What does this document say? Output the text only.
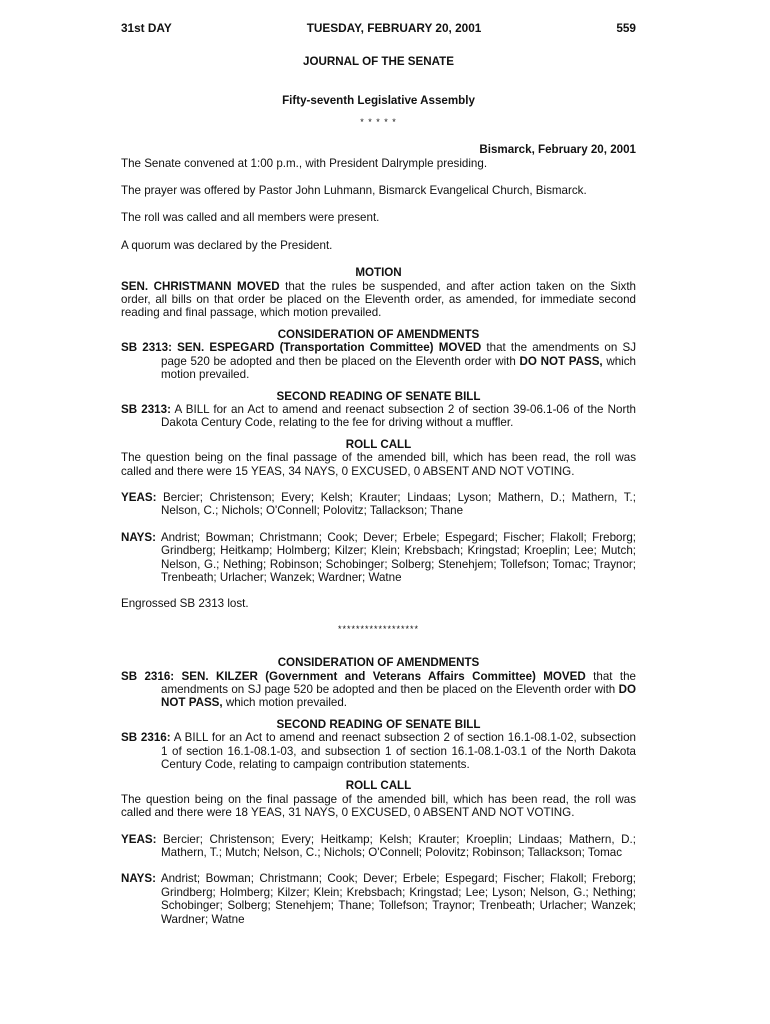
31st DAY	TUESDAY, FEBRUARY 20, 2001	559

JOURNAL OF THE SENATE

Fifty-seventh Legislative Assembly

* * * * *

Bismarck, February 20, 2001

The Senate convened at 1:00 p.m., with President Dalrymple presiding.

The prayer was offered by Pastor John Luhmann, Bismarck Evangelical Church, Bismarck.

The roll was called and all members were present.

A quorum was declared by the President.

MOTION

SEN. CHRISTMANN MOVED that the rules be suspended, and after action taken on the Sixth order, all bills on that order be placed on the Eleventh order, as amended, for immediate second reading and final passage, which motion prevailed.

CONSIDERATION OF AMENDMENTS

SB 2313: SEN. ESPEGARD (Transportation Committee) MOVED that the amendments on SJ page 520 be adopted and then be placed on the Eleventh order with DO NOT PASS, which motion prevailed.

SECOND READING OF SENATE BILL

SB 2313: A BILL for an Act to amend and reenact subsection 2 of section 39-06.1-06 of the North Dakota Century Code, relating to the fee for driving without a muffler.

ROLL CALL

The question being on the final passage of the amended bill, which has been read, the roll was called and there were 15 YEAS, 34 NAYS, 0 EXCUSED, 0 ABSENT AND NOT VOTING.

YEAS: Bercier; Christenson; Every; Kelsh; Krauter; Lindaas; Lyson; Mathern, D.; Mathern, T.; Nelson, C.; Nichols; O'Connell; Polovitz; Tallackson; Thane

NAYS: Andrist; Bowman; Christmann; Cook; Dever; Erbele; Espegard; Fischer; Flakoll; Freborg; Grindberg; Heitkamp; Holmberg; Kilzer; Klein; Krebsbach; Kringstad; Kroeplin; Lee; Mutch; Nelson, G.; Nething; Robinson; Schobinger; Solberg; Stenehjem; Tollefson; Tomac; Traynor; Trenbeath; Urlacher; Wanzek; Wardner; Watne

Engrossed SB 2313 lost.

******************

CONSIDERATION OF AMENDMENTS

SB 2316: SEN. KILZER (Government and Veterans Affairs Committee) MOVED that the amendments on SJ page 520 be adopted and then be placed on the Eleventh order with DO NOT PASS, which motion prevailed.

SECOND READING OF SENATE BILL

SB 2316: A BILL for an Act to amend and reenact subsection 2 of section 16.1-08.1-02, subsection 1 of section 16.1-08.1-03, and subsection 1 of section 16.1-08.1-03.1 of the North Dakota Century Code, relating to campaign contribution statements.

ROLL CALL

The question being on the final passage of the amended bill, which has been read, the roll was called and there were 18 YEAS, 31 NAYS, 0 EXCUSED, 0 ABSENT AND NOT VOTING.

YEAS: Bercier; Christenson; Every; Heitkamp; Kelsh; Krauter; Kroeplin; Lindaas; Mathern, D.; Mathern, T.; Mutch; Nelson, C.; Nichols; O'Connell; Polovitz; Robinson; Tallackson; Tomac

NAYS: Andrist; Bowman; Christmann; Cook; Dever; Erbele; Espegard; Fischer; Flakoll; Freborg; Grindberg; Holmberg; Kilzer; Klein; Krebsbach; Kringstad; Lee; Lyson; Nelson, G.; Nething; Schobinger; Solberg; Stenehjem; Thane; Tollefson; Traynor; Trenbeath; Urlacher; Wanzek; Wardner; Watne
